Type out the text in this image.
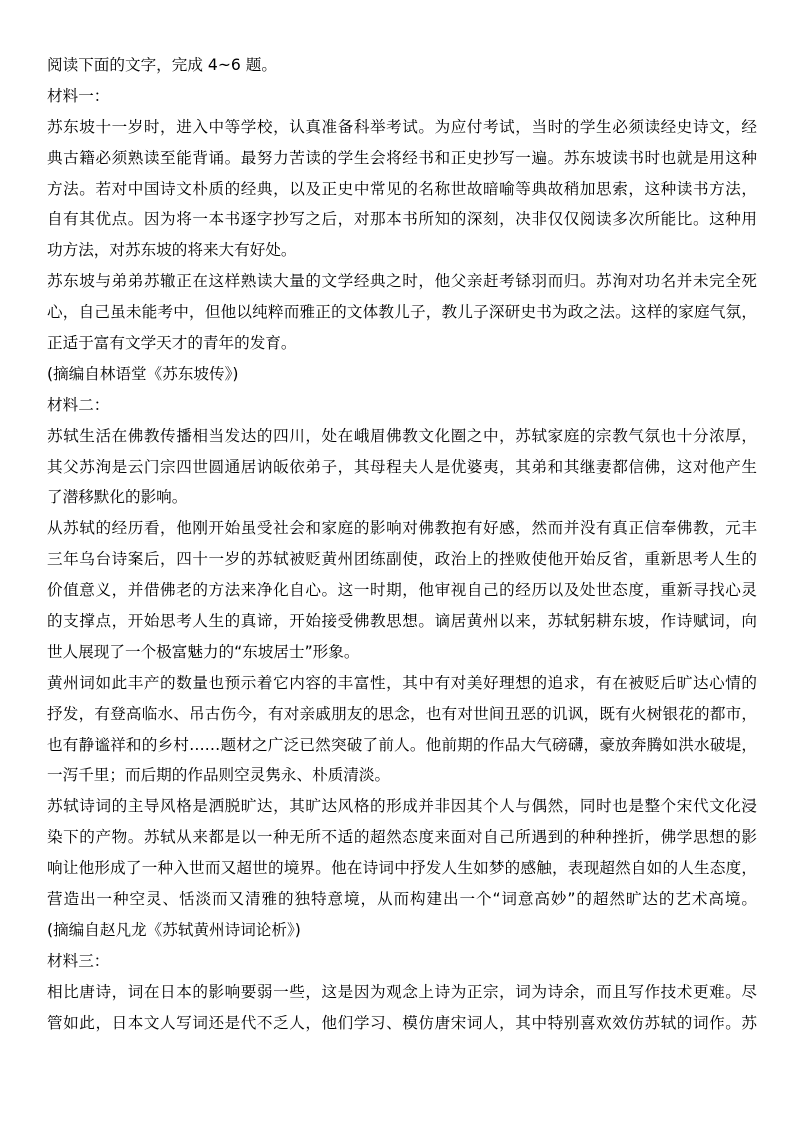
阅读下面的文字，完成 4~6 题。
材料一：
苏东坡十一岁时，进入中等学校，认真准备科举考试。为应付考试，当时的学生必须读经史诗文，经
典古籍必须熟读至能背诵。最努力苦读的学生会将经书和正史抄写一遍。苏东坡读书时也就是用这种
方法。若对中国诗文朴质的经典，以及正史中常见的名称世故暗喻等典故稍加思索，这种读书方法，
自有其优点。因为将一本书逐字抄写之后，对那本书所知的深刻，决非仅仅阅读多次所能比。这种用
功方法，对苏东坡的将来大有好处。
苏东坡与弟弟苏辙正在这样熟读大量的文学经典之时，他父亲赶考铩羽而归。苏洵对功名并未完全死
心，自己虽未能考中，但他以纯粹而雅正的文体教儿子，教儿子深研史书为政之法。这样的家庭气氛，
正适于富有文学天才的青年的发育。
(摘编自林语堂《苏东坡传》)
材料二：
苏轼生活在佛教传播相当发达的四川，处在峨眉佛教文化圈之中，苏轼家庭的宗教气氛也十分浓厚，
其父苏洵是云门宗四世圆通居讷皈依弟子，其母程夫人是优婆夷，其弟和其继妻都信佛，这对他产生
了潜移默化的影响。
从苏轼的经历看，他刚开始虽受社会和家庭的影响对佛教抱有好感，然而并没有真正信奉佛教，元丰
三年乌台诗案后，四十一岁的苏轼被贬黄州团练副使，政治上的挫败使他开始反省，重新思考人生的
价值意义，并借佛老的方法来净化自心。这一时期，他审视自己的经历以及处世态度，重新寻找心灵
的支撑点，开始思考人生的真谛，开始接受佛教思想。谪居黄州以来，苏轼躬耕东坡，作诗赋词，向
世人展现了一个极富魅力的“东坡居士”形象。
黄州词如此丰产的数量也预示着它内容的丰富性，其中有对美好理想的追求，有在被贬后旷达心情的
抒发，有登高临水、吊古伤今，有对亲戚朋友的思念，也有对世间丑恶的讥讽，既有火树银花的都市，
也有静谧祥和的乡村……题材之广泛已然突破了前人。他前期的作品大气磅礴，豪放奔腾如洪水破堤，
一泻千里；而后期的作品则空灵隽永、朴质清淡。
苏轼诗词的主导风格是洒脱旷达，其旷达风格的形成并非因其个人与偶然，同时也是整个宋代文化浸
染下的产物。苏轼从来都是以一种无所不适的超然态度来面对自己所遇到的种种挫折，佛学思想的影
响让他形成了一种入世而又超世的境界。他在诗词中抒发人生如梦的感触，表现超然自如的人生态度，
营造出一种空灵、恬淡而又清雅的独特意境，从而构建出一个“词意高妙”的超然旷达的艺术高境。
(摘编自赵凡龙《苏轼黄州诗词论析》)
材料三：
相比唐诗，词在日本的影响要弱一些，这是因为观念上诗为正宗，词为诗余，而且写作技术更难。尽
管如此，日本文人写词还是代不乏人，他们学习、模仿唐宋词人，其中特别喜欢效仿苏轼的词作。苏
